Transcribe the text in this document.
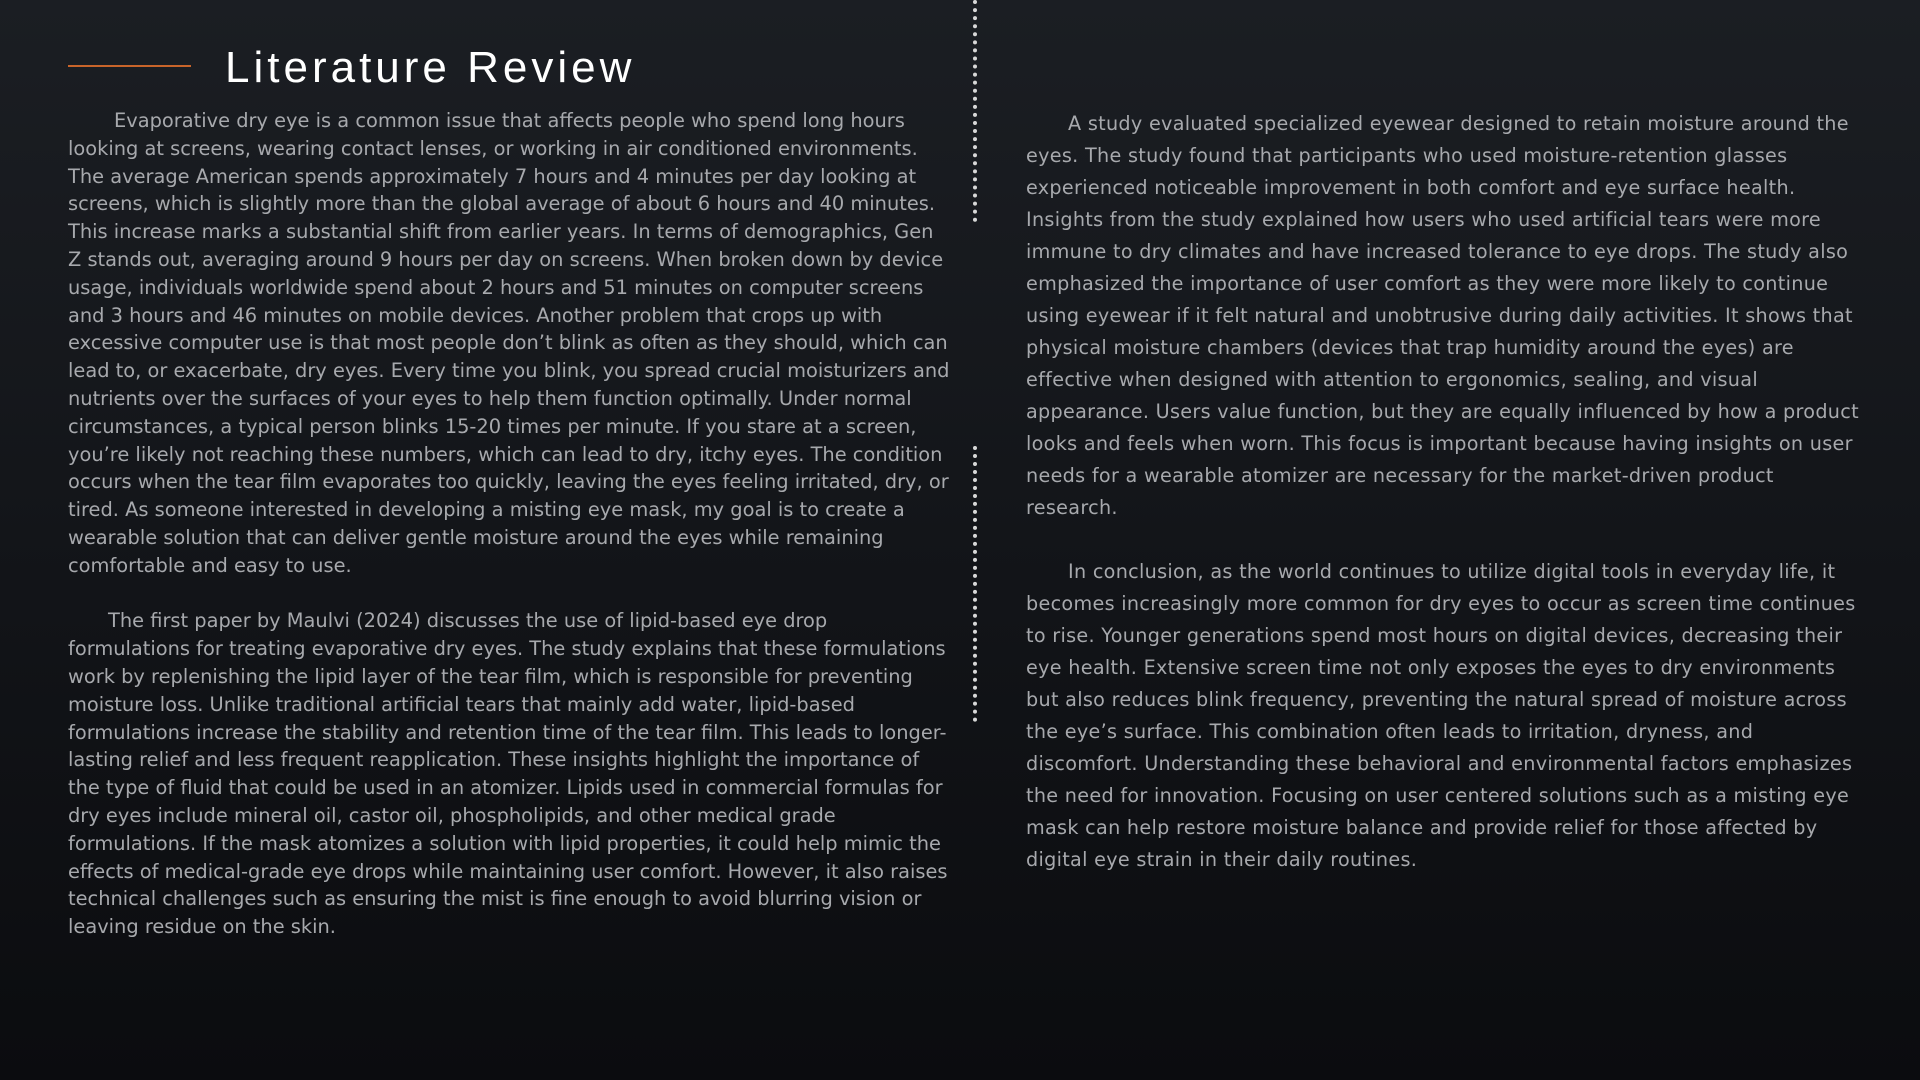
Literature Review

Evaporative dry eye is a common issue that affects people who spend long hours looking at screens, wearing contact lenses, or working in air conditioned environments. The average American spends approximately 7 hours and 4 minutes per day looking at screens, which is slightly more than the global average of about 6 hours and 40 minutes. This increase marks a substantial shift from earlier years. In terms of demographics, Gen Z stands out, averaging around 9 hours per day on screens. When broken down by device usage, individuals worldwide spend about 2 hours and 51 minutes on computer screens and 3 hours and 46 minutes on mobile devices. Another problem that crops up with excessive computer use is that most people don’t blink as often as they should, which can lead to, or exacerbate, dry eyes. Every time you blink, you spread crucial moisturizers and nutrients over the surfaces of your eyes to help them function optimally. Under normal circumstances, a typical person blinks 15-20 times per minute. If you stare at a screen, you’re likely not reaching these numbers, which can lead to dry, itchy eyes. The condition occurs when the tear film evaporates too quickly, leaving the eyes feeling irritated, dry, or tired. As someone interested in developing a misting eye mask, my goal is to create a wearable solution that can deliver gentle moisture around the eyes while remaining comfortable and easy to use.

The first paper by Maulvi (2024) discusses the use of lipid-based eye drop formulations for treating evaporative dry eyes. The study explains that these formulations work by replenishing the lipid layer of the tear film, which is responsible for preventing moisture loss. Unlike traditional artificial tears that mainly add water, lipid-based formulations increase the stability and retention time of the tear film. This leads to longer-lasting relief and less frequent reapplication. These insights highlight the importance of the type of fluid that could be used in an atomizer. Lipids used in commercial formulas for dry eyes include mineral oil, castor oil, phospholipids, and other medical grade formulations. If the mask atomizes a solution with lipid properties, it could help mimic the effects of medical-grade eye drops while maintaining user comfort. However, it also raises technical challenges such as ensuring the mist is fine enough to avoid blurring vision or leaving residue on the skin.

A study evaluated specialized eyewear designed to retain moisture around the eyes. The study found that participants who used moisture-retention glasses experienced noticeable improvement in both comfort and eye surface health. Insights from the study explained how users who used artificial tears were more immune to dry climates and have increased tolerance to eye drops. The study also emphasized the importance of user comfort as they were more likely to continue using eyewear if it felt natural and unobtrusive during daily activities. It shows that physical moisture chambers (devices that trap humidity around the eyes) are effective when designed with attention to ergonomics, sealing, and visual appearance. Users value function, but they are equally influenced by how a product looks and feels when worn. This focus is important because having insights on user needs for a wearable atomizer are necessary for the market-driven product research.

In conclusion, as the world continues to utilize digital tools in everyday life, it becomes increasingly more common for dry eyes to occur as screen time continues to rise. Younger generations spend most hours on digital devices, decreasing their eye health. Extensive screen time not only exposes the eyes to dry environments but also reduces blink frequency, preventing the natural spread of moisture across the eye’s surface. This combination often leads to irritation, dryness, and discomfort. Understanding these behavioral and environmental factors emphasizes the need for innovation. Focusing on user centered solutions such as a misting eye mask can help restore moisture balance and provide relief for those affected by digital eye strain in their daily routines.
